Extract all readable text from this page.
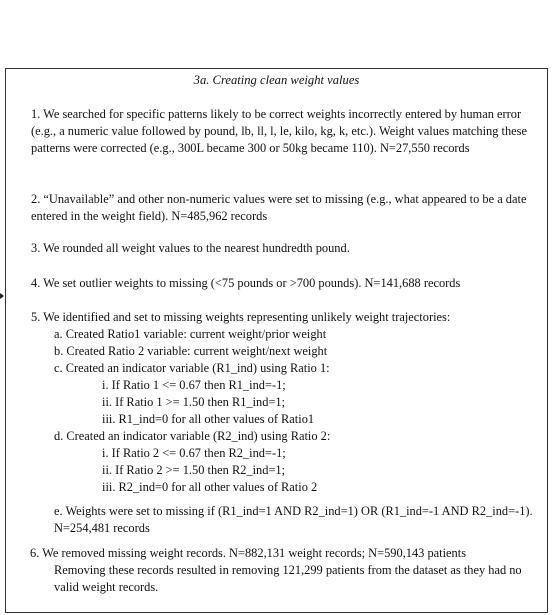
3a. Creating clean weight values

1. We searched for specific patterns likely to be correct weights incorrectly entered by human error (e.g., a numeric value followed by pound, lb, ll, l, le, kilo, kg, k, etc.). Weight values matching these patterns were corrected (e.g., 300L became 300 or 50kg became 110). N=27,550 records

2. “Unavailable” and other non-numeric values were set to missing (e.g., what appeared to be a date entered in the weight field). N=485,962 records

3. We rounded all weight values to the nearest hundredth pound.

4. We set outlier weights to missing (<75 pounds or >700 pounds). N=141,688 records

5. We identified and set to missing weights representing unlikely weight trajectories:

a. Created Ratio1 variable: current weight/prior weight

b. Created Ratio 2 variable: current weight/next weight

c. Created an indicator variable (R1_ind) using Ratio 1:

i. If Ratio 1 <= 0.67 then R1_ind=-1;

ii. If Ratio 1 >= 1.50 then R1_ind=1;

iii. R1_ind=0 for all other values of Ratio1

d. Created an indicator variable (R2_ind) using Ratio 2:

i. If Ratio 2 <= 0.67 then R2_ind=-1;

ii. If Ratio 2 >= 1.50 then R2_ind=1;

iii. R2_ind=0 for all other values of Ratio 2

e. Weights were set to missing if (R1_ind=1 AND R2_ind=1) OR (R1_ind=-1 AND R2_ind=-1). N=254,481 records

6. We removed missing weight records. N=882,131 weight records; N=590,143 patients

Removing these records resulted in removing 121,299 patients from the dataset as they had no valid weight records.
